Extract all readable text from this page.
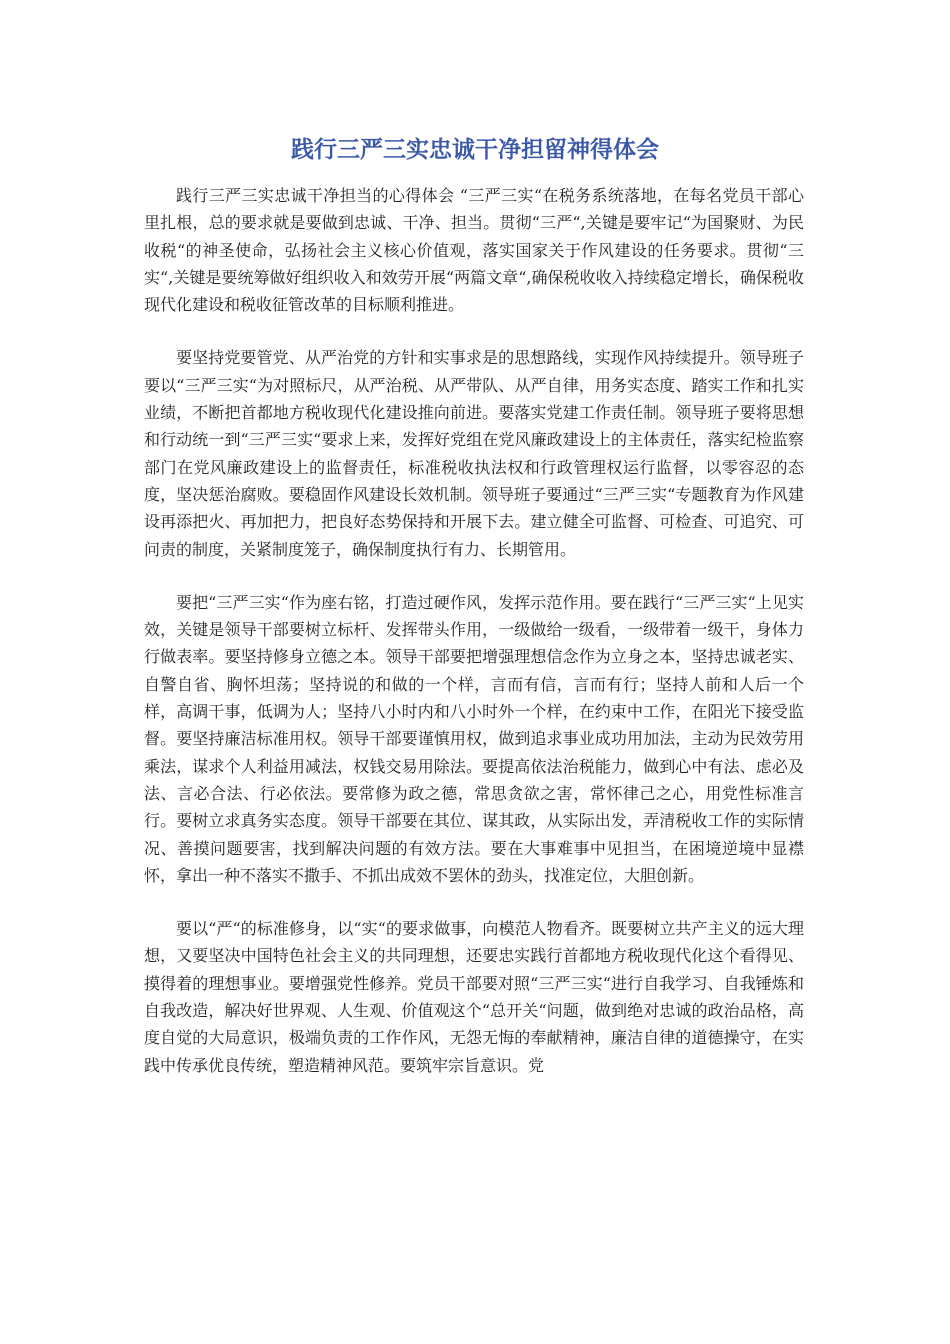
践行三严三实忠诚干净担留神得体会

践行三严三实忠诚干净担当的心得体会 “三严三实“在税务系统落地，在每名党员干部心里扎根，总的要求就是要做到忠诚、干净、担当。贯彻“三严“,关键是要牢记“为国聚财、为民收税“的神圣使命，弘扬社会主义核心价值观，落实国家关于作风建设的任务要求。贯彻“三实“,关键是要统筹做好组织收入和效劳开展“两篇文章“,确保税收收入持续稳定增长，确保税收现代化建设和税收征管改革的目标顺利推进。

要坚持党要管党、从严治党的方针和实事求是的思想路线，实现作风持续提升。领导班子要以“三严三实“为对照标尺，从严治税、从严带队、从严自律，用务实态度、踏实工作和扎实业绩，不断把首都地方税收现代化建设推向前进。要落实党建工作责任制。领导班子要将思想和行动统一到“三严三实“要求上来，发挥好党组在党风廉政建设上的主体责任，落实纪检监察部门在党风廉政建设上的监督责任，标准税收执法权和行政管理权运行监督，以零容忍的态度，坚决惩治腐败。要稳固作风建设长效机制。领导班子要通过“三严三实“专题教育为作风建设再添把火、再加把力，把良好态势保持和开展下去。建立健全可监督、可检查、可追究、可问责的制度，关紧制度笼子，确保制度执行有力、长期管用。

要把“三严三实“作为座右铭，打造过硬作风，发挥示范作用。要在践行“三严三实“上见实效，关键是领导干部要树立标杆、发挥带头作用，一级做给一级看，一级带着一级干，身体力行做表率。要坚持修身立德之本。领导干部要把增强理想信念作为立身之本，坚持忠诚老实、自警自省、胸怀坦荡；坚持说的和做的一个样，言而有信，言而有行；坚持人前和人后一个样，高调干事，低调为人；坚持八小时内和八小时外一个样，在约束中工作，在阳光下接受监督。要坚持廉洁标准用权。领导干部要谨慎用权，做到追求事业成功用加法，主动为民效劳用乘法，谋求个人利益用减法，权钱交易用除法。要提高依法治税能力，做到心中有法、虑必及法、言必合法、行必依法。要常修为政之德，常思贪欲之害，常怀律己之心，用党性标准言行。要树立求真务实态度。领导干部要在其位、谋其政，从实际出发，弄清税收工作的实际情况、善摸问题要害，找到解决问题的有效方法。要在大事难事中见担当，在困境逆境中显襟怀，拿出一种不落实不撒手、不抓出成效不罢休的劲头，找准定位，大胆创新。

要以“严“的标准修身，以“实“的要求做事，向模范人物看齐。既要树立共产主义的远大理想，又要坚决中国特色社会主义的共同理想，还要忠实践行首都地方税收现代化这个看得见、摸得着的理想事业。要增强党性修养。党员干部要对照“三严三实“进行自我学习、自我锤炼和自我改造，解决好世界观、人生观、价值观这个“总开关“问题，做到绝对忠诚的政治品格，高度自觉的大局意识，极端负责的工作作风，无怨无悔的奉献精神，廉洁自律的道德操守，在实践中传承优良传统，塑造精神风范。要筑牢宗旨意识。党
